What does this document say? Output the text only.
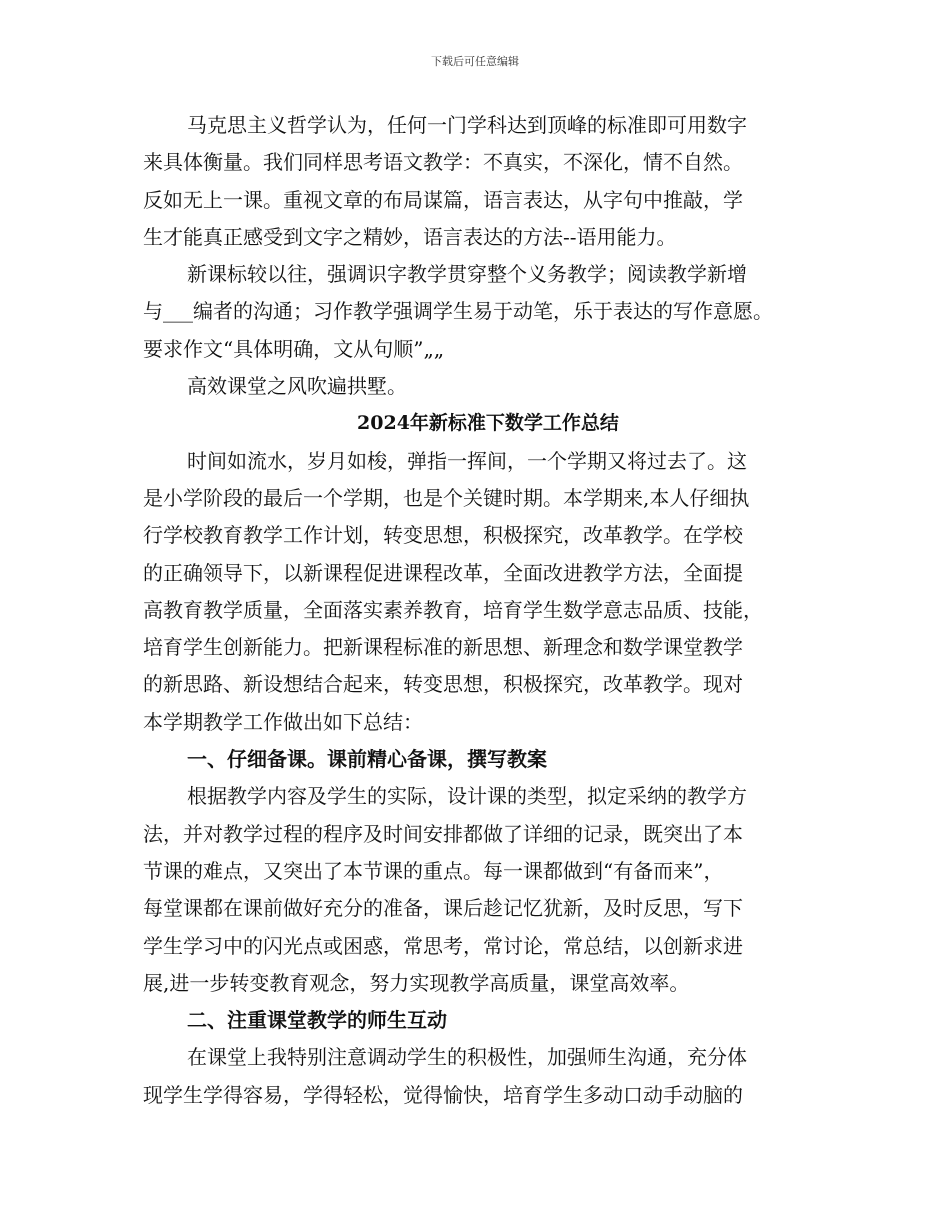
下载后可任意编辑
马克思主义哲学认为，任何一门学科达到顶峰的标准即可用数字
来具体衡量。我们同样思考语文教学：不真实，不深化，情不自然。
反如无上一课。重视文章的布局谋篇，语言表达，从字句中推敲，学
生才能真正感受到文字之精妙，语言表达的方法--语用能力。
新课标较以往，强调识字教学贯穿整个义务教学；阅读教学新增
与___编者的沟通；习作教学强调学生易于动笔，乐于表达的写作意愿。
要求作文“具体明确，文从句顺”„„
高效课堂之风吹遍拱墅。
2024年新标准下数学工作总结
时间如流水，岁月如梭，弹指一挥间，一个学期又将过去了。这
是小学阶段的最后一个学期，也是个关键时期。本学期来,本人仔细执
行学校教育教学工作计划，转变思想，积极探究，改革教学。在学校
的正确领导下，以新课程促进课程改革，全面改进教学方法，全面提
高教育教学质量，全面落实素养教育，培育学生数学意志品质、技能，
培育学生创新能力。把新课程标准的新思想、新理念和数学课堂教学
的新思路、新设想结合起来，转变思想，积极探究，改革教学。现对
本学期教学工作做出如下总结：
一、仔细备课。课前精心备课，撰写教案
根据教学内容及学生的实际，设计课的类型，拟定采纳的教学方
法，并对教学过程的程序及时间安排都做了详细的记录，既突出了本
节课的难点，又突出了本节课的重点。每一课都做到“有备而来”，
每堂课都在课前做好充分的准备，课后趁记忆犹新，及时反思，写下
学生学习中的闪光点或困惑，常思考，常讨论，常总结，以创新求进
展,进一步转变教育观念，努力实现教学高质量，课堂高效率。
二、注重课堂教学的师生互动
在课堂上我特别注意调动学生的积极性，加强师生沟通，充分体
现学生学得容易，学得轻松，觉得愉快，培育学生多动口动手动脑的
